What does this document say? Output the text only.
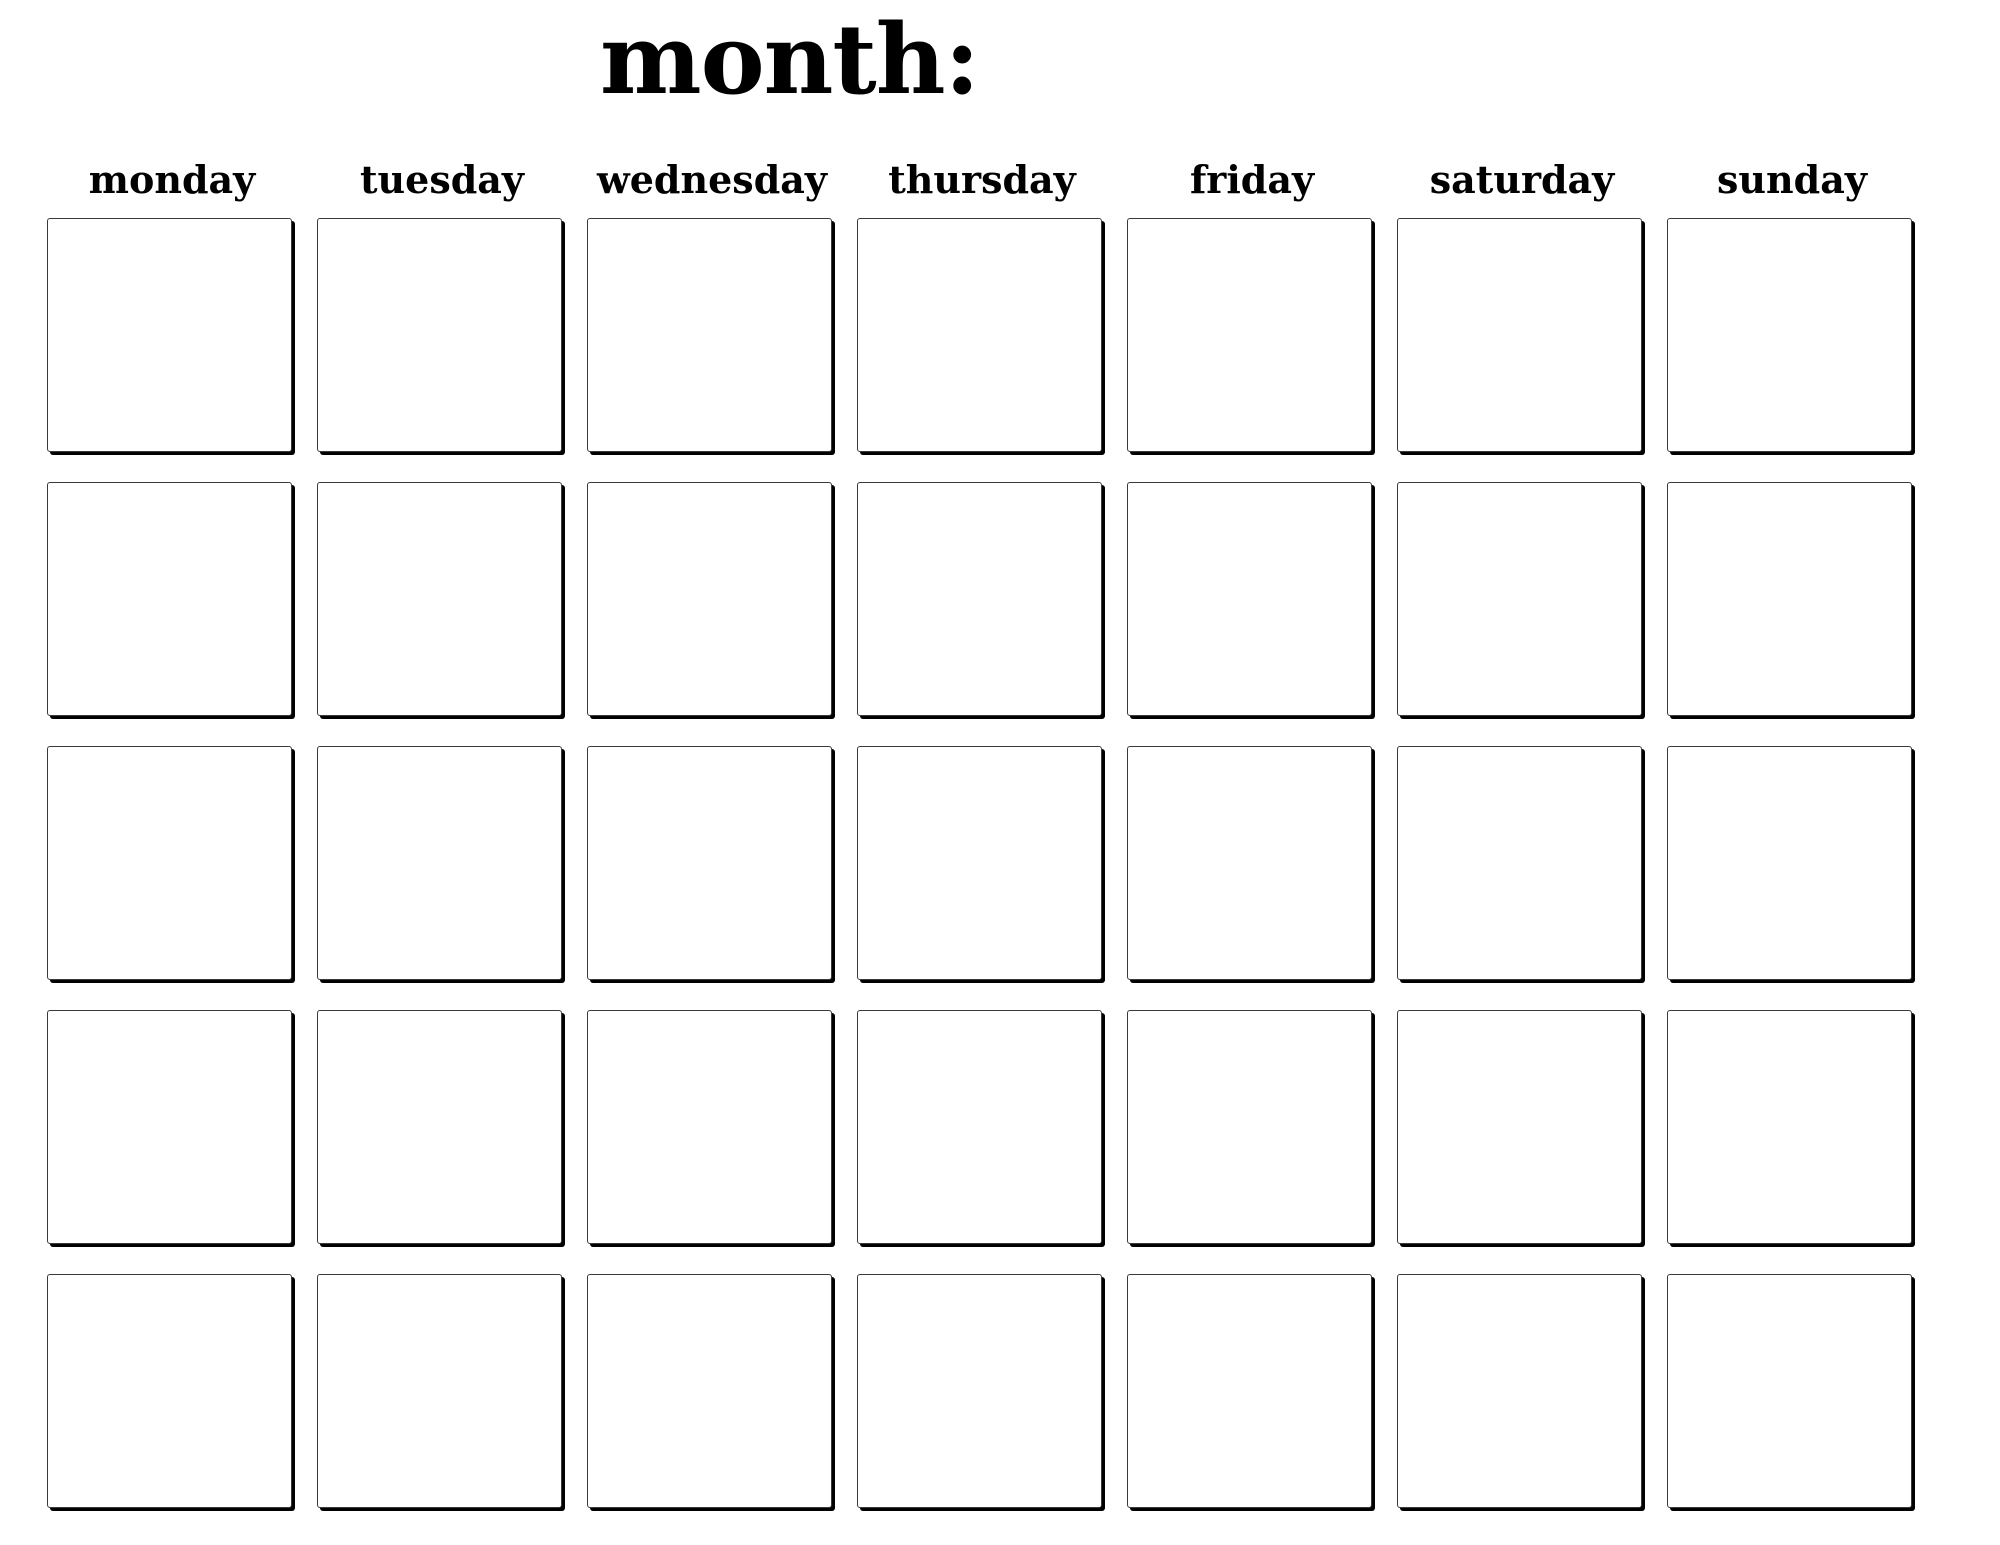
month:
monday	tuesday	wednesday	thursday	friday	saturday	sunday
